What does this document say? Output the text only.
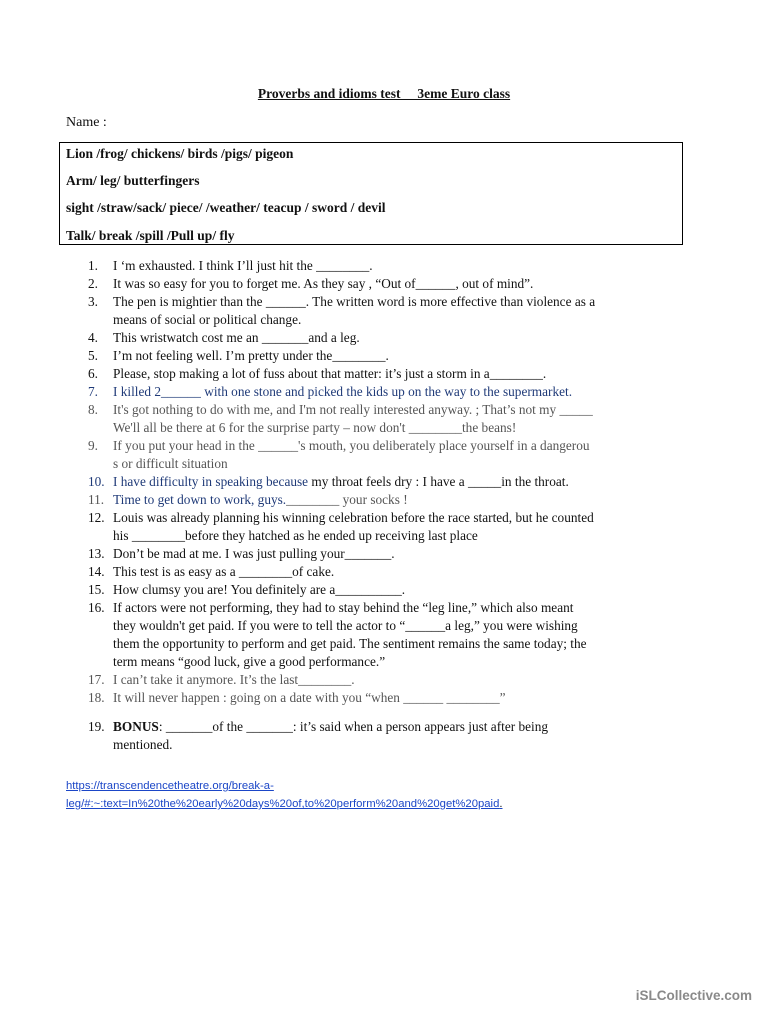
Proverbs and idioms test     3eme Euro class
Name :
Lion /frog/ chickens/ birds /pigs/ pigeon
Arm/ leg/ butterfingers
sight /straw/sack/ piece/ /weather/ teacup / sword / devil
Talk/ break /spill /Pull up/ fly
1. I ‘m exhausted. I think I’ll just hit the ________.
2. It was so easy for you to forget me. As they say , “Out of______, out of mind”.
3. The pen is mightier than the ______. The written word is more effective than violence as a
means of social or political change.
4. This wristwatch cost me an _______and a leg.
5. I’m not feeling well. I’m pretty under the________.
6. Please, stop making a lot of fuss about that matter: it’s just a storm in a________.
7. I killed 2______ with one stone and picked the kids up on the way to the supermarket.
8. It's got nothing to do with me, and I'm not really interested anyway. ; That’s not my _____
We'll all be there at 6 for the surprise party – now don't ________the beans!
9. If you put your head in the ______'s mouth, you deliberately place yourself in a dangerou
s or difficult situation
10. I have difficulty in speaking because my throat feels dry : I have a _____in the throat.
11. Time to get down to work, guys.________ your socks !
12. Louis was already planning his winning celebration before the race started, but he counted
his ________before they hatched as he ended up receiving last place
13. Don’t be mad at me. I was just pulling your_______.
14. This test is as easy as a ________of cake.
15. How clumsy you are! You definitely are a__________.
16. If actors were not performing, they had to stay behind the “leg line,” which also meant
they wouldn't get paid. If you were to tell the actor to “______a leg,” you were wishing
them the opportunity to perform and get paid. The sentiment remains the same today; the
term means “good luck, give a good performance.”
17. I can’t take it anymore. It’s the last________.
18. It will never happen : going on a date with you “when ______ ________”
19. BONUS: _______of the _______: it’s said when a person appears just after being
mentioned.
https://transcendencetheatre.org/break-a-
leg/#:~:text=In%20the%20early%20days%20of,to%20perform%20and%20get%20paid.
iSLCollective.com
